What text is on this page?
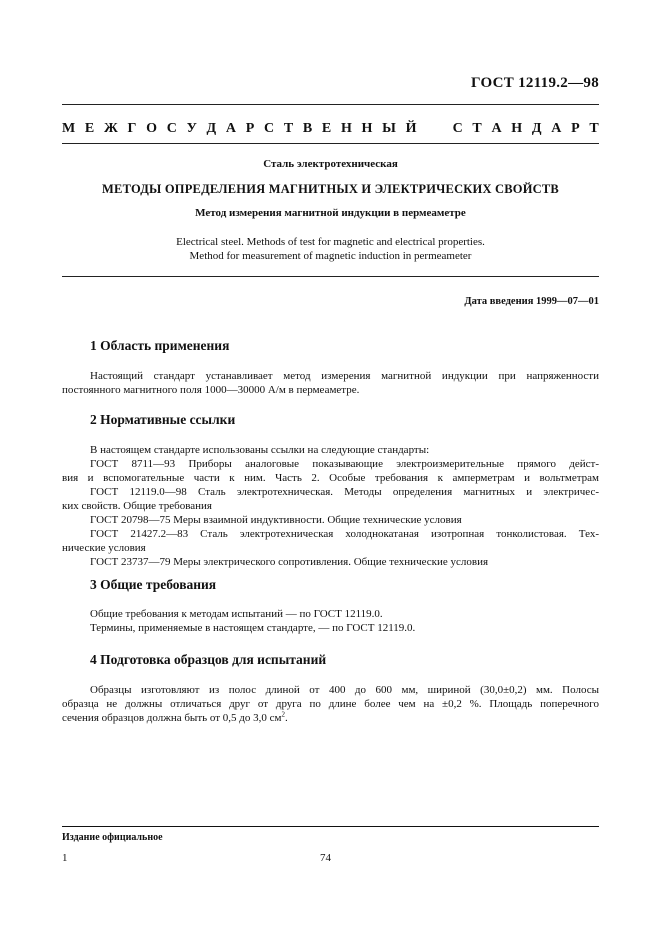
ГОСТ 12119.2—98
М Е Ж Г О С У Д А Р С Т В Е Н Н Ы Й

	С Т А Н Д А Р Т
Сталь электротехническая
МЕТОДЫ ОПРЕДЕЛЕНИЯ МАГНИТНЫХ И ЭЛЕКТРИЧЕСКИХ СВОЙСТВ
Метод измерения магнитной индукции в пермеаметре
Electrical steel. Methods of test for magnetic and electrical properties.
Method for measurement of magnetic induction in permeameter
Дата введения 1999—07—01
1 Область применения

Настоящий стандарт устанавливает метод измерения магнитной индукции при напряженности

постоянного магнитного поля 1000—30000 А/м в пермеаметре.

2 Нормативные ссылки

В настоящем стандарте использованы ссылки на следующие стандарты:

ГОСТ 8711—93 Приборы аналоговые показывающие электроизмерительные прямого дейст-

вия и вспомогательные части к ним. Часть 2. Особые требования к амперметрам и вольтметрам

ГОСТ 12119.0—98 Сталь электротехническая. Методы определения магнитных и электричес-

ких свойств. Общие требования

ГОСТ 20798—75 Меры взаимной индуктивности. Общие технические условия

ГОСТ 21427.2—83 Сталь электротехническая холоднокатаная изотропная тонколистовая. Тех-

нические условия

ГОСТ 23737—79 Меры электрического сопротивления. Общие технические условия

3 Общие требования

Общие требования к методам испытаний — по ГОСТ 12119.0.

Термины, применяемые в настоящем стандарте, — по ГОСТ 12119.0.

4 Подготовка образцов для испытаний

Образцы изготовляют из полос длиной от 400 до 600 мм, шириной (30,0±0,2) мм. Полосы

образца не должны отличаться друг от друга по длине более чем на ±0,2 %. Площадь поперечного

сечения образцов должна быть от 0,5 до 3,0 $см^2$.

Издание официальное
1	74
